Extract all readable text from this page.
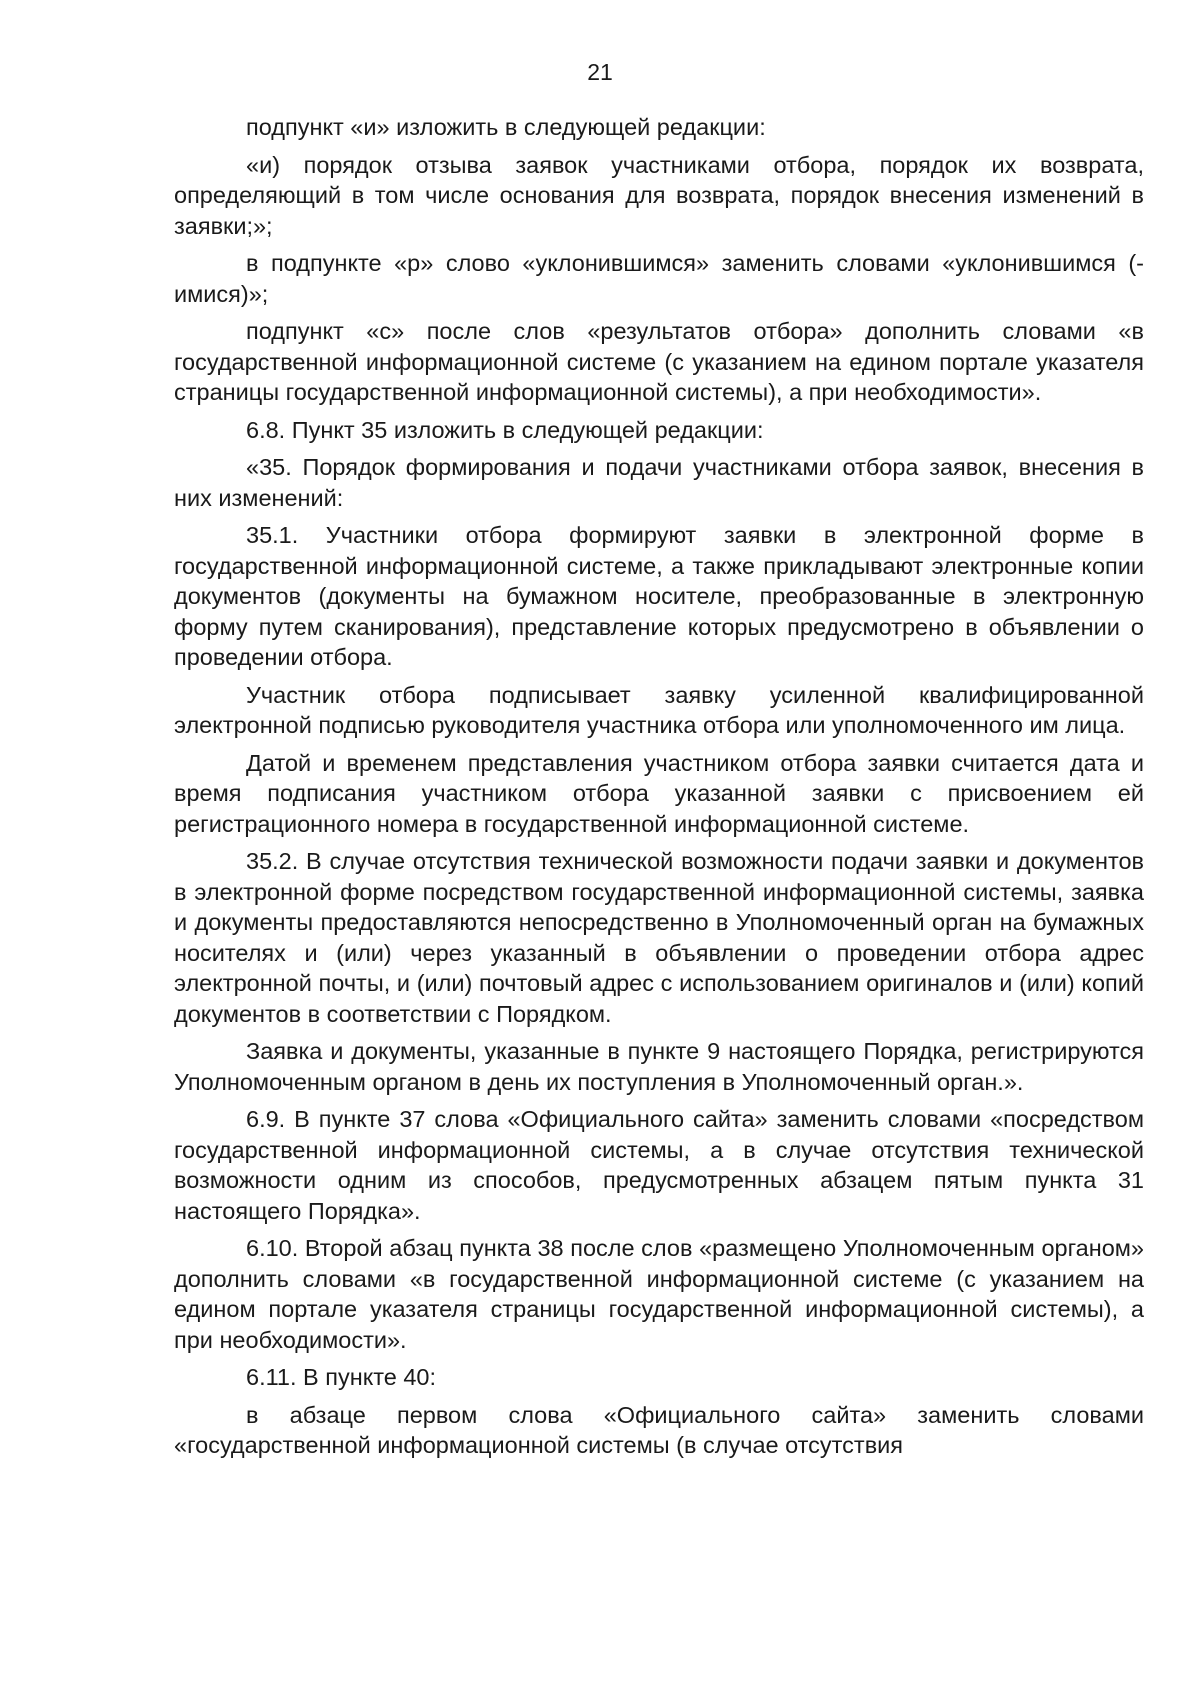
21

подпункт «и» изложить в следующей редакции:

«и) порядок отзыва заявок участниками отбора, порядок их возврата, определяющий в том числе основания для возврата, порядок внесения изменений в заявки;»;

в подпункте «р» слово «уклонившимся» заменить словами «уклонившимся (- имися)»;

подпункт «с» после слов «результатов отбора» дополнить словами «в государственной информационной системе (с указанием на едином портале указателя страницы государственной информационной системы), а при необходимости».

6.8. Пункт 35 изложить в следующей редакции:

«35. Порядок формирования и подачи участниками отбора заявок, внесения в них изменений:

35.1. Участники отбора формируют заявки в электронной форме в государственной информационной системе, а также прикладывают электронные копии документов (документы на бумажном носителе, преобразованные в электронную форму путем сканирования), представление которых предусмотрено в объявлении о проведении отбора.

Участник отбора подписывает заявку усиленной квалифицированной электронной подписью руководителя участника отбора или уполномоченного им лица.

Датой и временем представления участником отбора заявки считается дата и время подписания участником отбора указанной заявки с присвоением ей регистрационного номера в государственной информационной системе.

35.2. В случае отсутствия технической возможности подачи заявки и документов в электронной форме посредством государственной информационной системы, заявка и документы предоставляются непосредственно в Уполномоченный орган на бумажных носителях и (или) через указанный в объявлении о проведении отбора адрес электронной почты, и (или) почтовый адрес с использованием оригиналов и (или) копий документов в соответствии с Порядком.

Заявка и документы, указанные в пункте 9 настоящего Порядка, регистрируются Уполномоченным органом в день их поступления в Уполномоченный орган.».

6.9. В пункте 37 слова «Официального сайта» заменить словами «посредством государственной информационной системы, а в случае отсутствия технической возможности одним из способов, предусмотренных абзацем пятым пункта 31 настоящего Порядка».

6.10. Второй абзац пункта 38 после слов «размещено Уполномоченным органом» дополнить словами «в государственной информационной системе (с указанием на едином портале указателя страницы государственной информационной системы), а при необходимости».

6.11. В пункте 40:

в абзаце первом слова «Официального сайта» заменить словами «государственной информационной системы (в случае отсутствия
